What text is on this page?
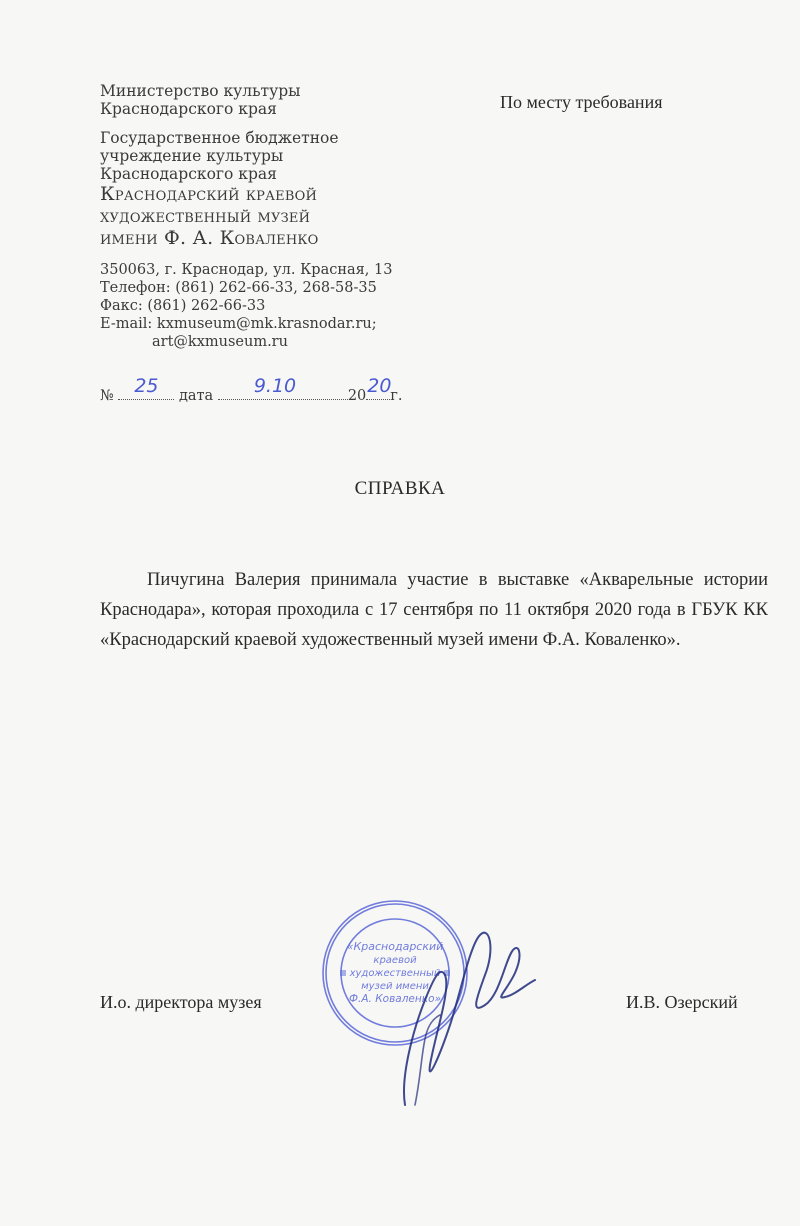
Министерство культуры
Краснодарского края
Государственное бюджетное
учреждение культуры
Краснодарского края
Краснодарский краевой
художественный музей
имени Ф. А. Коваленко
350063, г. Краснодар, ул. Красная, 13
Телефон: (861) 262-66-33, 268-58-35
Факс: (861) 262-66-33
E-mail: kxmuseum@mk.krasnodar.ru;
art@kxmuseum.ru
По месту требования
№ 25 дата 9.10	20 20
г.
СПРАВКА
Пичугина Валерия принимала участие в выставке «Акварельные истории Краснодара», которая проходила с 17 сентября по 11 октября 2020 года в ГБУК КК «Краснодарский краевой художественный музей имени Ф.А. Коваленко».
«Краснодарский
краевой
художественный
музей имени
Ф.А. Коваленко»
И.о. директора музея	И.В. Озерский
